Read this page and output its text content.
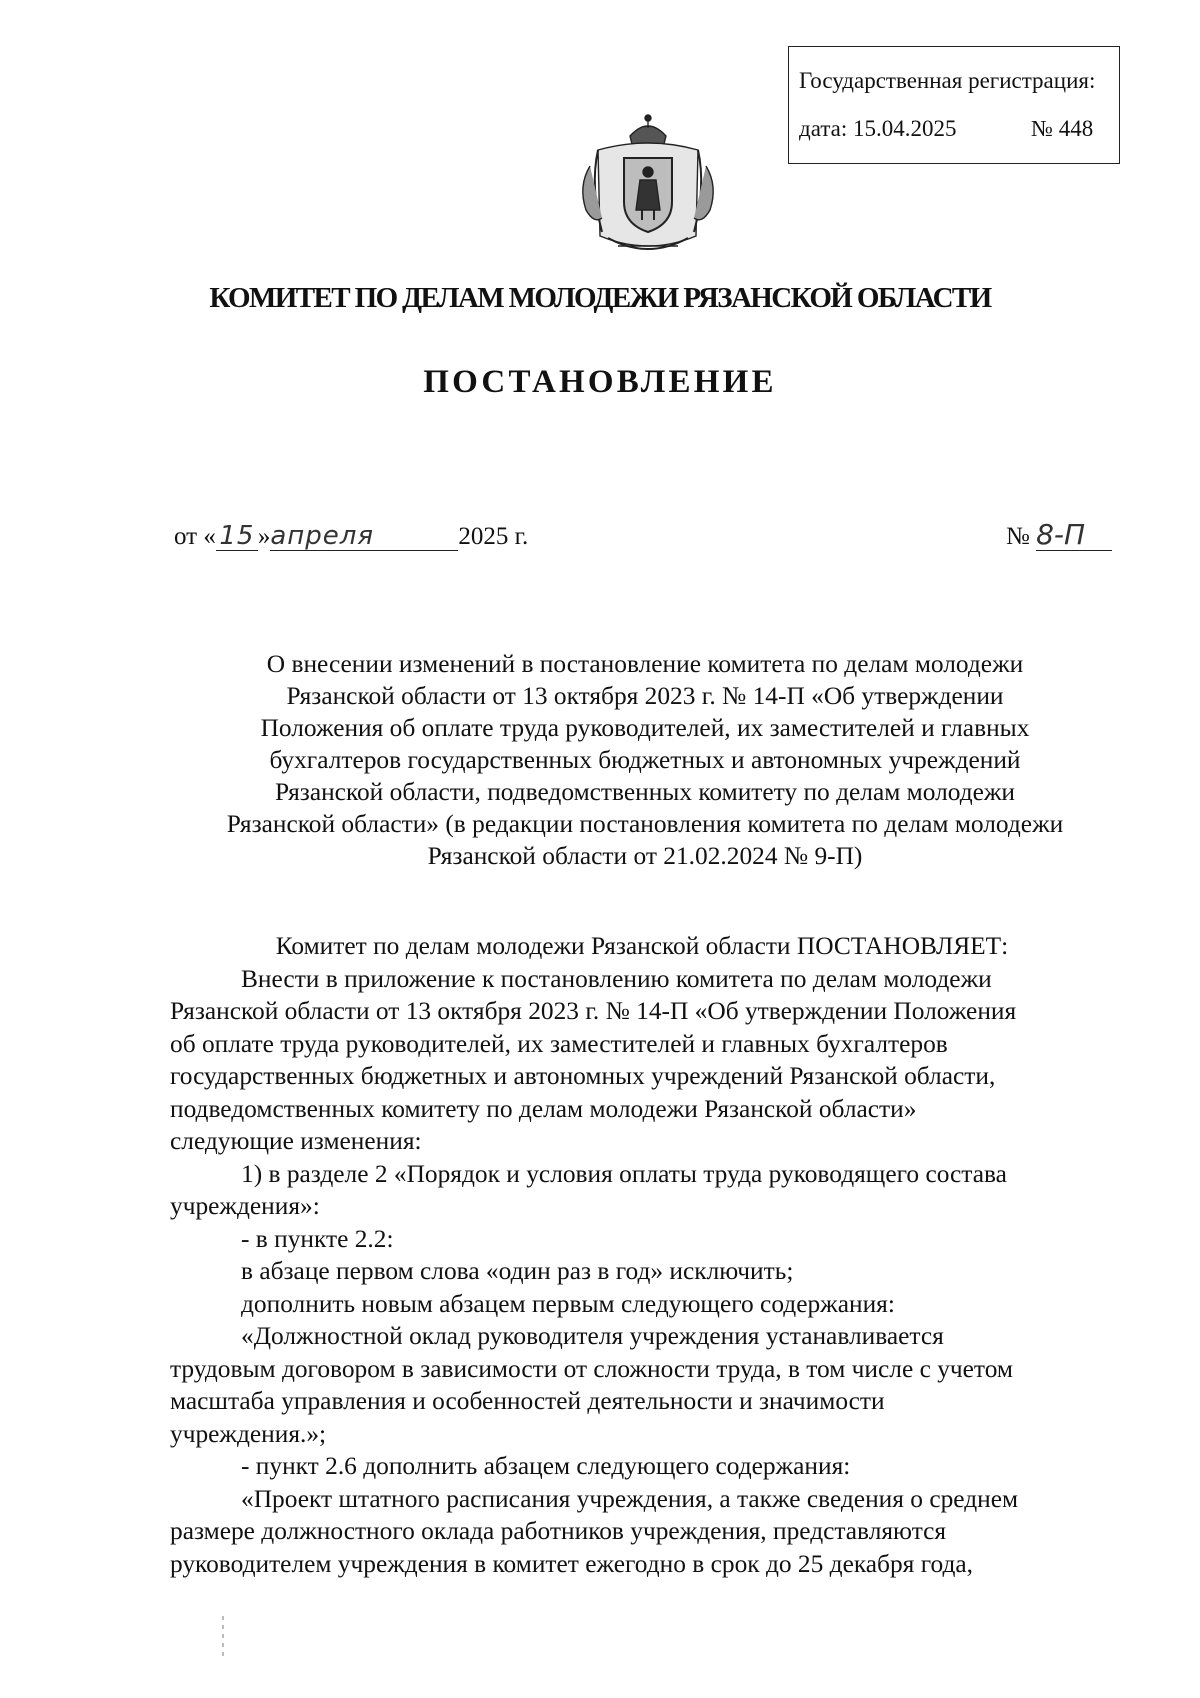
Государственная регистрация:
дата: 15.04.2025	№ 448
КОМИТЕТ ПО ДЕЛАМ МОЛОДЕЖИ РЯЗАНСКОЙ ОБЛАСТИ
ПОСТАНОВЛЕНИЕ
от « 15 »апреля	2025 г.	№ 8-П
О внесении изменений в постановление комитета по делам молодежи
Рязанской области от 13 октября 2023 г. № 14-П «Об утверждении
Положения об оплате труда руководителей, их заместителей и главных
бухгалтеров государственных бюджетных и автономных учреждений
Рязанской области, подведомственных комитету по делам молодежи
Рязанской области» (в редакции постановления комитета по делам молодежи
Рязанской области от 21.02.2024 № 9-П)
Комитет по делам молодежи Рязанской области ПОСТАНОВЛЯЕТ:
Внести в приложение к постановлению комитета по делам молодежи
Рязанской области от 13 октября 2023 г. № 14-П «Об утверждении Положения
об оплате труда руководителей, их заместителей и главных бухгалтеров
государственных бюджетных и автономных учреждений Рязанской области,
подведомственных комитету по делам молодежи Рязанской области»
следующие изменения:
1) в разделе 2 «Порядок и условия оплаты труда руководящего состава
учреждения»:
- в пункте 2.2:
в абзаце первом слова «один раз в год» исключить;
дополнить новым абзацем первым следующего содержания:
«Должностной оклад руководителя учреждения устанавливается
трудовым договором в зависимости от сложности труда, в том числе с учетом
масштаба управления и особенностей деятельности и значимости
учреждения.»;
- пункт 2.6 дополнить абзацем следующего содержания:
«Проект штатного расписания учреждения, а также сведения о среднем
размере должностного оклада работников учреждения, представляются
руководителем учреждения в комитет ежегодно в срок до 25 декабря года,
